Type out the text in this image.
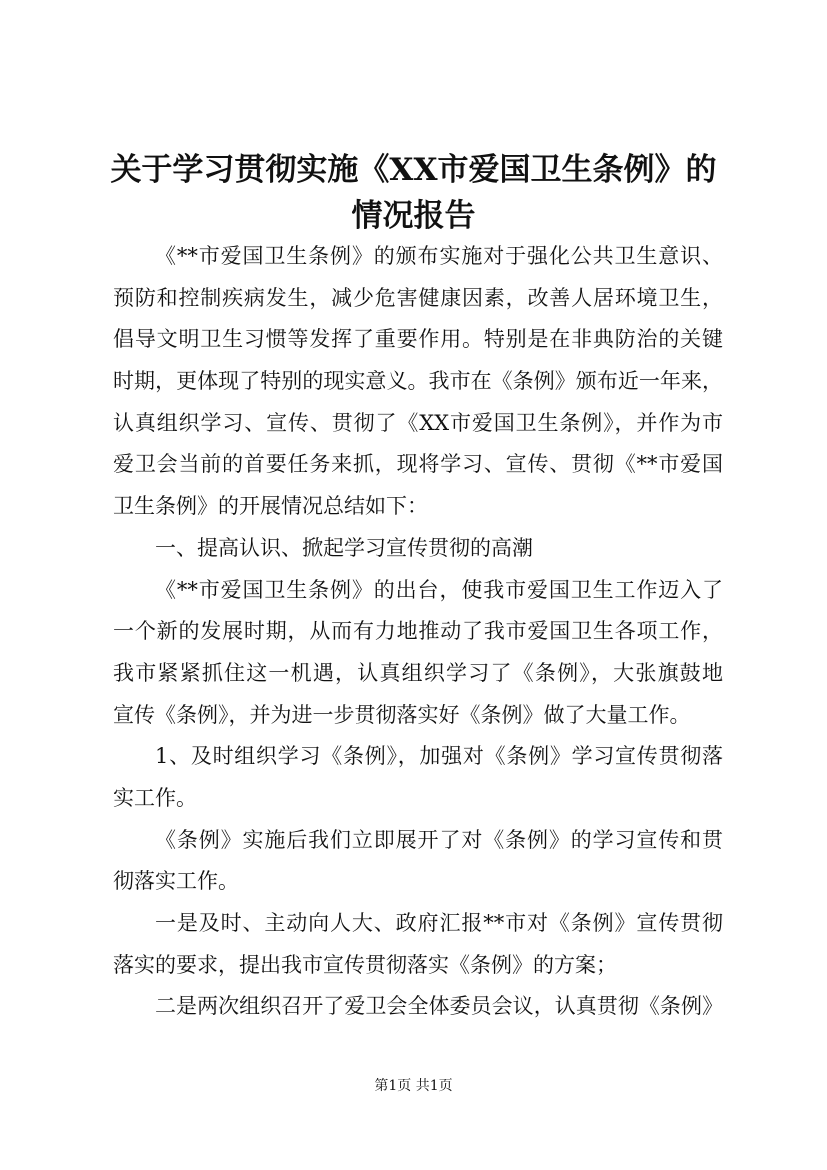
关于学习贯彻实施《XX市爱国卫生条例》的
情况报告
《**市爱国卫生条例》的颁布实施对于强化公共卫生意识、
预防和控制疾病发生，减少危害健康因素，改善人居环境卫生，
倡导文明卫生习惯等发挥了重要作用。特别是在非典防治的关键
时期，更体现了特别的现实意义。我市在《条例》颁布近一年来，
认真组织学习、宣传、贯彻了《XX市爱国卫生条例》，并作为市
爱卫会当前的首要任务来抓，现将学习、宣传、贯彻《**市爱国
卫生条例》的开展情况总结如下：
一、提高认识、掀起学习宣传贯彻的高潮
《**市爱国卫生条例》的出台，使我市爱国卫生工作迈入了
一个新的发展时期，从而有力地推动了我市爱国卫生各项工作，
我市紧紧抓住这一机遇，认真组织学习了《条例》，大张旗鼓地
宣传《条例》，并为进一步贯彻落实好《条例》做了大量工作。
1、及时组织学习《条例》，加强对《条例》学习宣传贯彻落
实工作。
《条例》实施后我们立即展开了对《条例》的学习宣传和贯
彻落实工作。
一是及时、主动向人大、政府汇报**市对《条例》宣传贯彻
落实的要求，提出我市宣传贯彻落实《条例》的方案；
二是两次组织召开了爱卫会全体委员会议，认真贯彻《条例》
第1页 共1页
